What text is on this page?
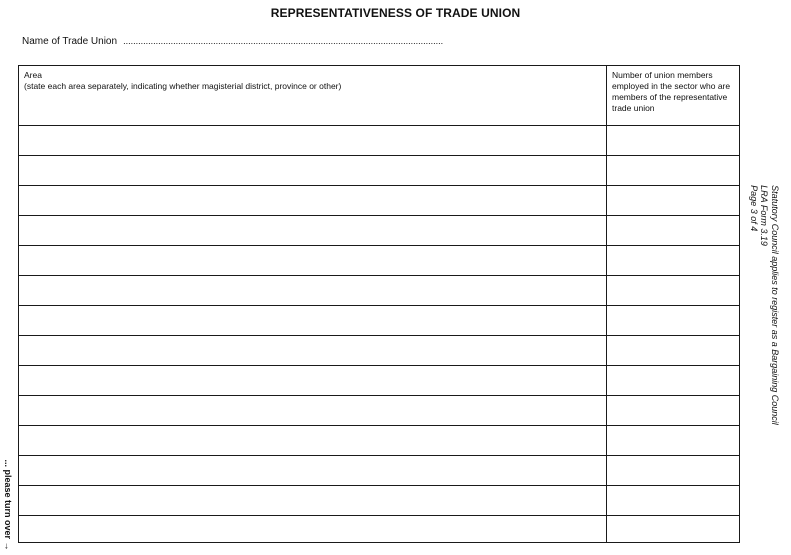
REPRESENTATIVENESS OF TRADE UNION
Name of Trade Union ................................................................................................................................
Area
(state each area separately, indicating whether magisterial district, province or other)
Number of union members
employed in the sector who are
members of the representative
trade union
Statutory Council applies to register as a Bargaining Council
LRA Form 3.19
Page 3 of 4
... please turn over →
